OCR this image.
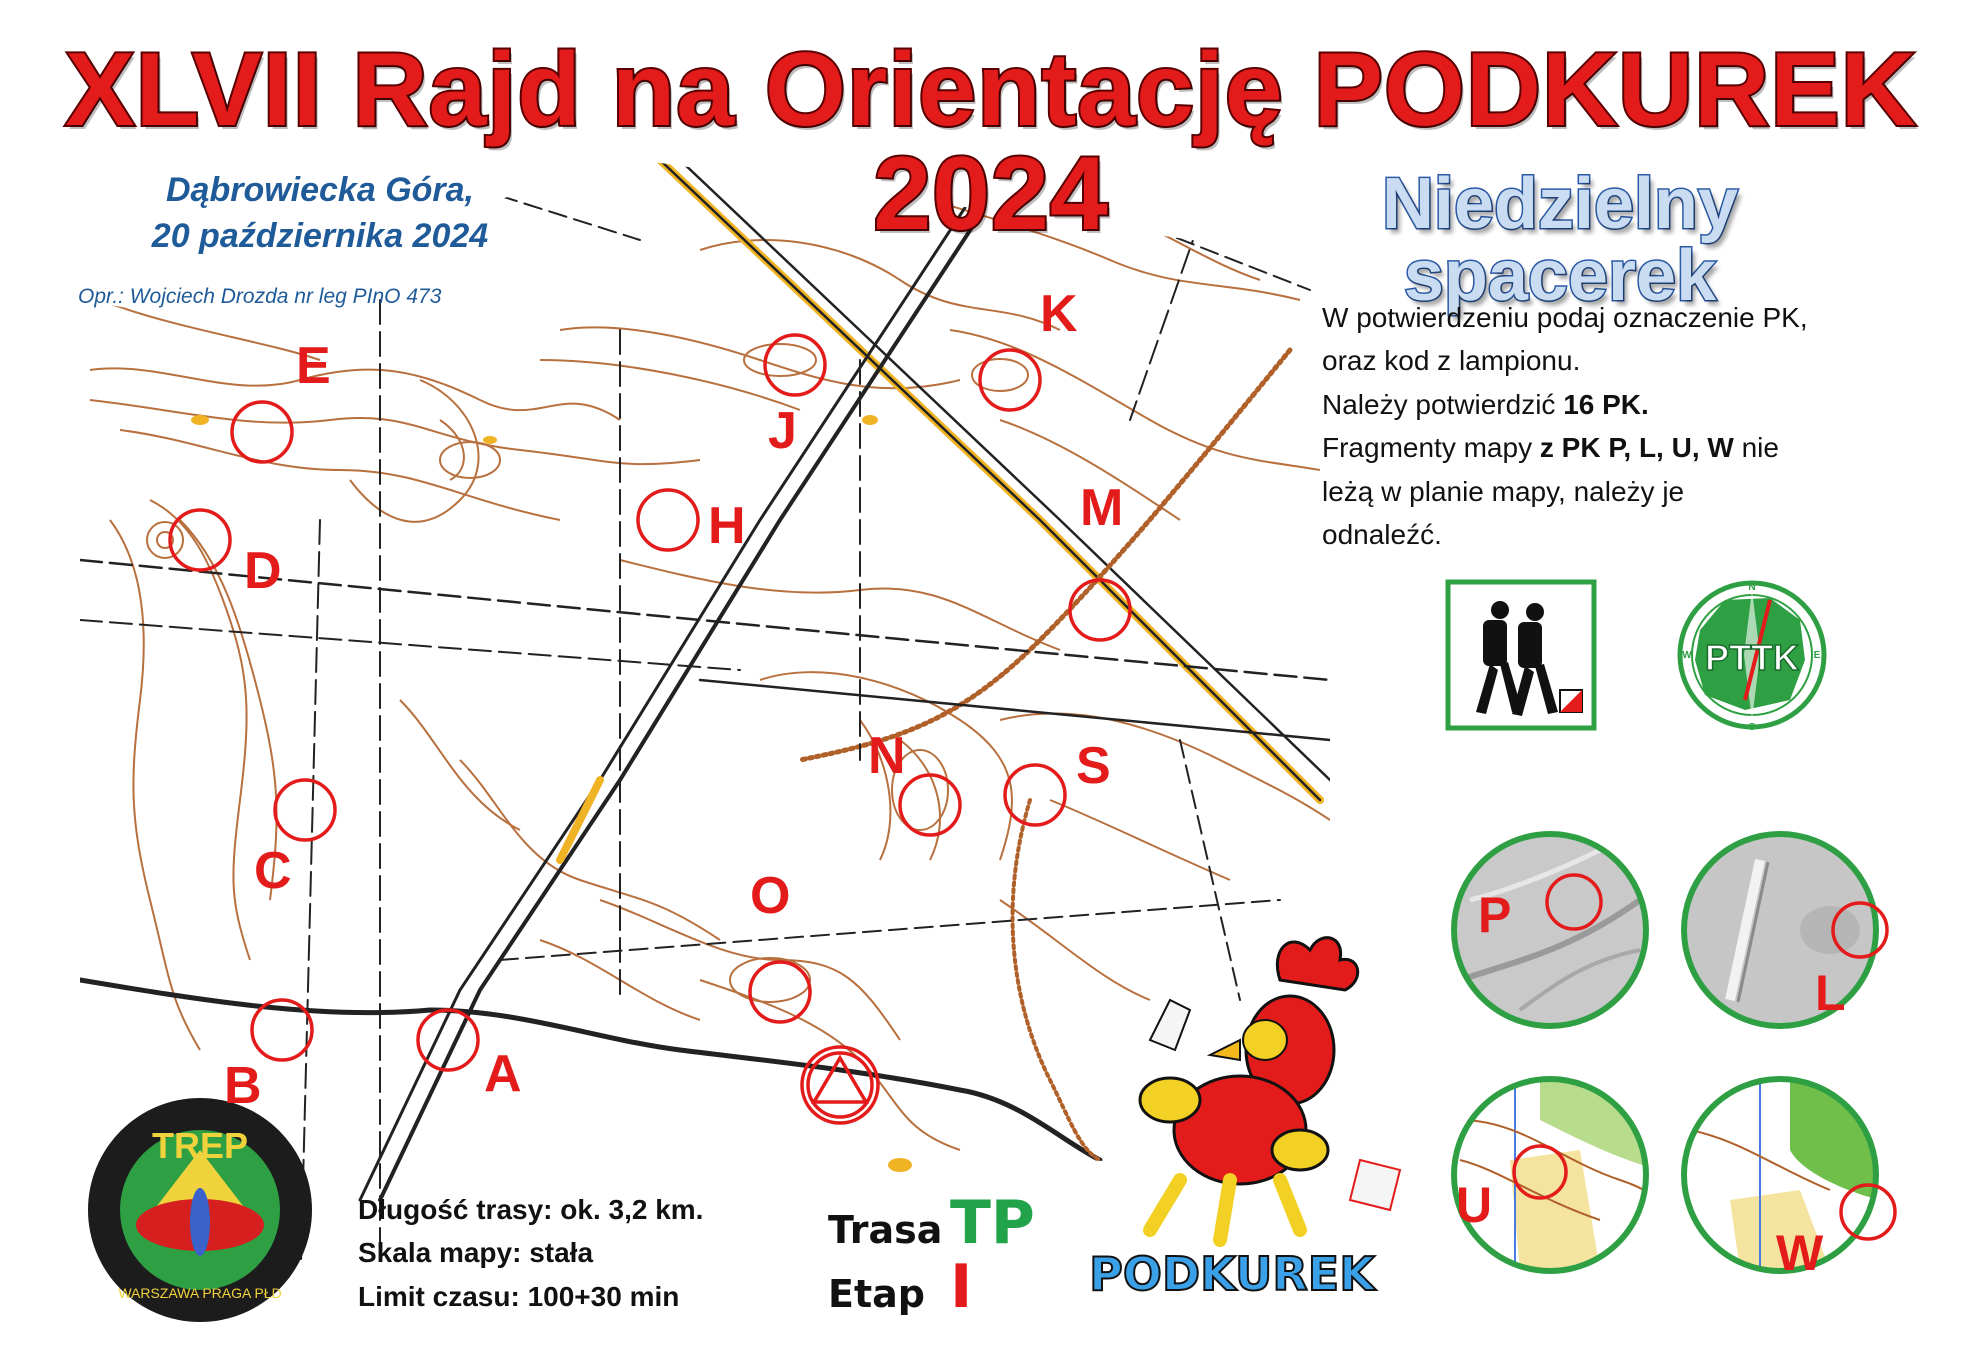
PTTK
N
S
W	E
TREP
WARSZAWA PRAGA PŁD	PODKUREK
XLVII Rajd na Orientację PODKUREK 2024	Niedzielny spacerek
Dąbrowiecka Góra,
20 października 2024
Opr.: Wojciech Drozda nr leg PInO 473

W potwierdzeniu podaj oznaczenie PK,

oraz kod z lampionu.

Należy potwierdzić 16 PK.

Fragmenty mapy z PK P, L, U, W nie

leżą w planie mapy, należy je

odnaleźć.

E
J
K
H
D
M
N	S
C	O
B	A
P
L
U
W
Długość trasy: ok. 3,2 km.
Skala mapy: stała
Limit czasu: 100+30 min
Trasa TP
Etap I
